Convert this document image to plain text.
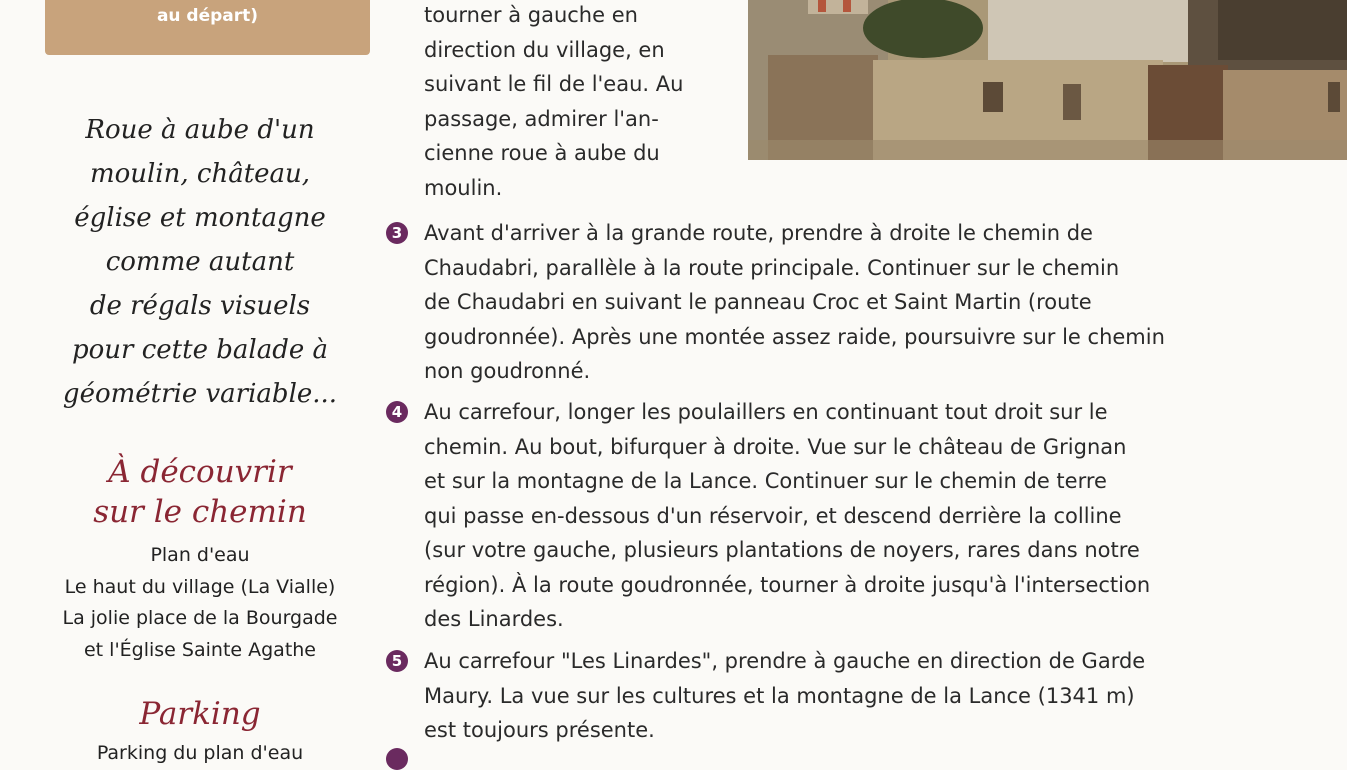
au départ)
Roue à aube d'un
moulin, château,
église et montagne
comme autant
de régals visuels
pour cette balade à
géométrie variable...
À découvrir
sur le chemin
Plan d'eau
Le haut du village (La Vialle)
La jolie place de la Bourgade
et l'Église Sainte Agathe
Parking
Parking du plan d'eau
tourner à gauche en
direction du village, en
suivant le fil de l'eau. Au
passage, admirer l'an-
cienne roue à aube du
moulin.
3 Avant d'arriver à la grande route, prendre à droite le chemin de
Chaudabri, parallèle à la route principale. Continuer sur le chemin
de Chaudabri en suivant le panneau Croc et Saint Martin (route
goudronnée). Après une montée assez raide, poursuivre sur le chemin
non goudronné.
4 Au carrefour, longer les poulaillers en continuant tout droit sur le
chemin. Au bout, bifurquer à droite. Vue sur le château de Grignan
et sur la montagne de la Lance. Continuer sur le chemin de terre
qui passe en-dessous d'un réservoir, et descend derrière la colline
(sur votre gauche, plusieurs plantations de noyers, rares dans notre
région). À la route goudronnée, tourner à droite jusqu'à l'intersection
des Linardes.
5 Au carrefour "Les Linardes", prendre à gauche en direction de Garde
Maury. La vue sur les cultures et la montagne de la Lance (1341 m)
est toujours présente.
